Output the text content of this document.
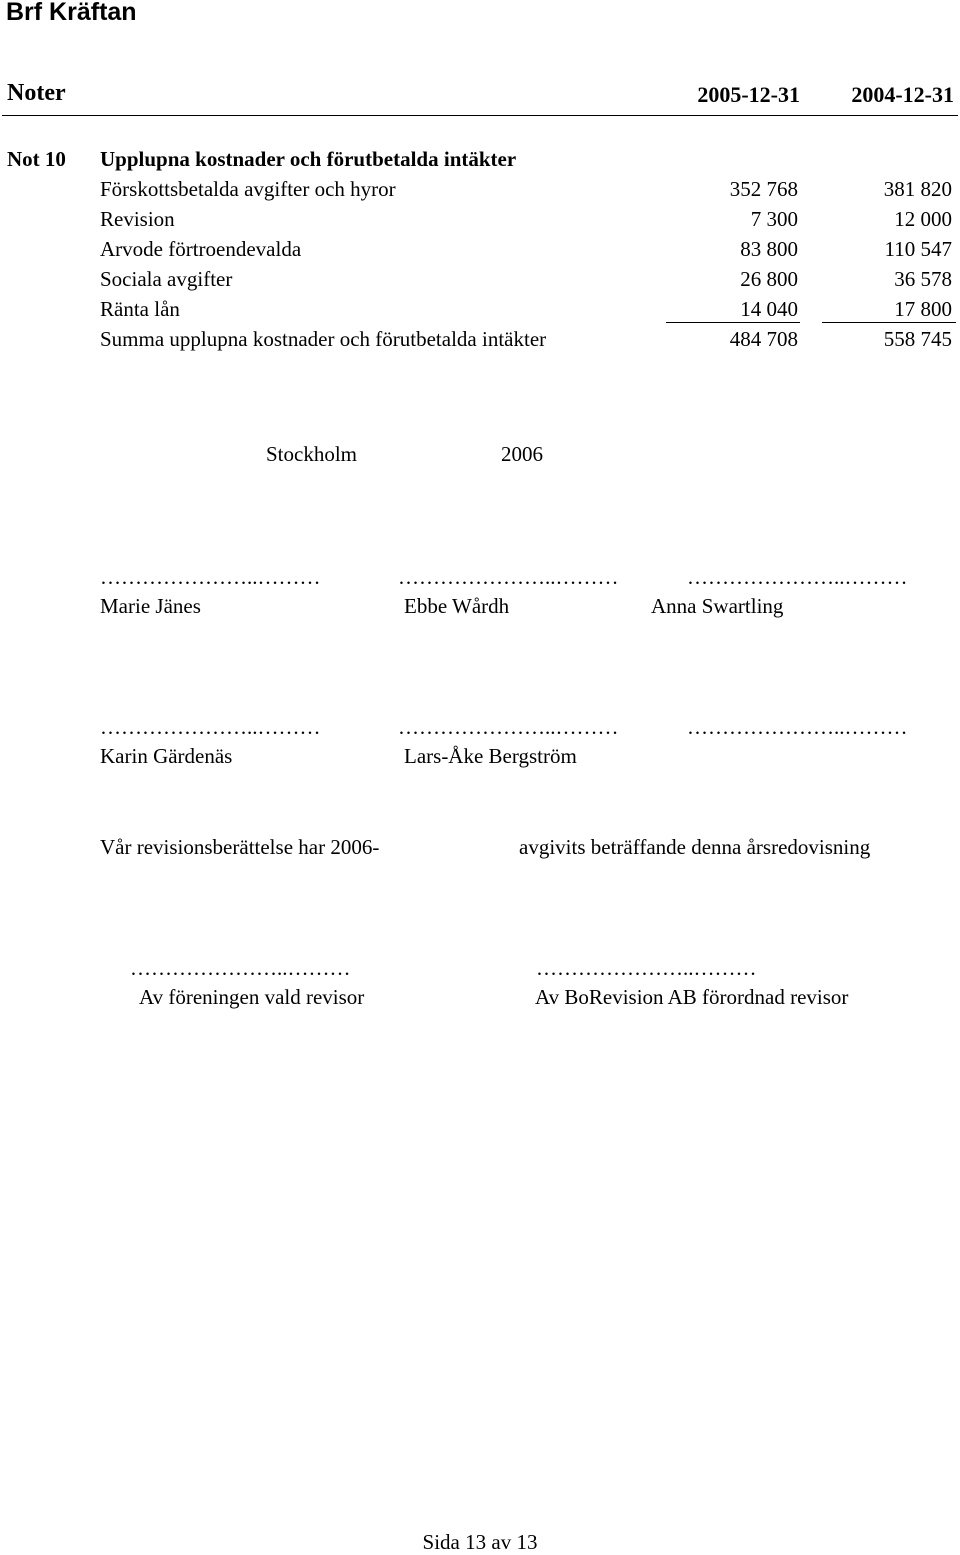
Brf Kräftan
Noter	2005-12-31 2004-12-31
Not 10 Upplupna kostnader och förutbetalda intäkter
Förskottsbetalda avgifter och hyror	352 768	381 820
Revision	7 300	12 000
Arvode förtroendevalda	83 800	110 547
Sociala avgifter	26 800	36 578
Ränta lån	14 040	17 800
Summa upplupna kostnader och förutbetalda intäkter	484 708	558 745
Stockholm	2006
…………………..………	…………………..………	…………………..………
Marie Jänes	Ebbe Wårdh	Anna Swartling
…………………..………	…………………..………	…………………..………
Karin Gärdenäs	Lars-Åke Bergström
Vår revisionsberättelse har 2006-	avgivits beträffande denna årsredovisning
…………………..………	…………………..………
Av föreningen vald revisor	Av BoRevision AB förordnad revisor
Sida 13 av 13
